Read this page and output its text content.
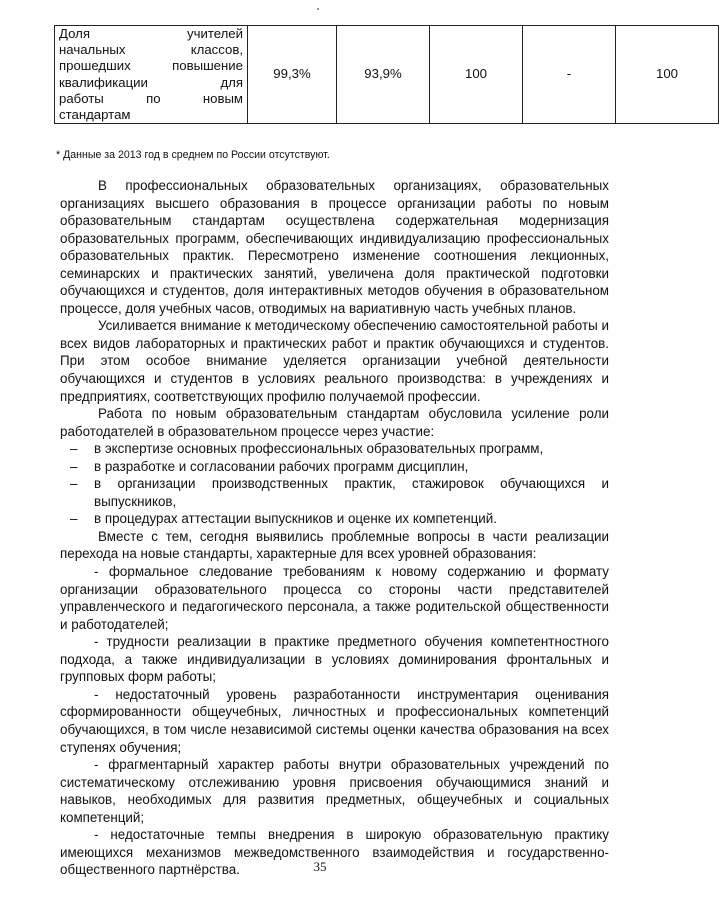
Доля учителей
начальных классов,
прошедших повышение
квалификации для
работы по новым
стандартам
	99,3%	93,9%	100	-	100
* Данные за 2013 год в среднем по России отсутствуют.

В профессиональных образовательных организациях, образовательных организациях высшего образования в процессе организации работы по новым образовательным стандартам осуществлена содержательная модернизация образовательных программ, обеспечивающих индивидуализацию профессиональных образовательных практик. Пересмотрено изменение соотношения лекционных, семинарских и практических занятий, увеличена доля практической подготовки обучающихся и студентов, доля интерактивных методов обучения в образовательном процессе, доля учебных часов, отводимых на вариативную часть учебных планов.

Усиливается внимание к методическому обеспечению самостоятельной работы и всех видов лабораторных и практических работ и практик обучающихся и студентов. При этом особое внимание уделяется организации учебной деятельности обучающихся и студентов в условиях реального производства: в учреждениях и предприятиях, соответствующих профилю получаемой профессии.

Работа по новым образовательным стандартам обусловила усиление роли работодателей в образовательном процессе через участие:

– в экспертизе основных профессиональных образовательных программ,
– в разработке и согласовании рабочих программ дисциплин,
– в организации производственных практик, стажировок обучающихся и выпускников,
– в процедурах аттестации выпускников и оценке их компетенций.

Вместе с тем, сегодня выявились проблемные вопросы в части реализации перехода на новые стандарты, характерные для всех уровней образования:

- формальное следование требованиям к новому содержанию и формату организации образовательного процесса со стороны части представителей управленческого и педагогического персонала, а также родительской общественности и работодателей;

- трудности реализации в практике предметного обучения компетентностного подхода, а также индивидуализации в условиях доминирования фронтальных и групповых форм работы;

- недостаточный уровень разработанности инструментария оценивания сформированности общеучебных, личностных и профессиональных компетенций обучающихся, в том числе независимой системы оценки качества образования на всех ступенях обучения;

- фрагментарный характер работы внутри образовательных учреждений по систематическому отслеживанию уровня присвоения обучающимися знаний и навыков, необходимых для развития предметных, общеучебных и социальных компетенций;

- недостаточные темпы внедрения в широкую образовательную практику имеющихся механизмов межведомственного взаимодействия и государственно-общественного партнёрства.	35
